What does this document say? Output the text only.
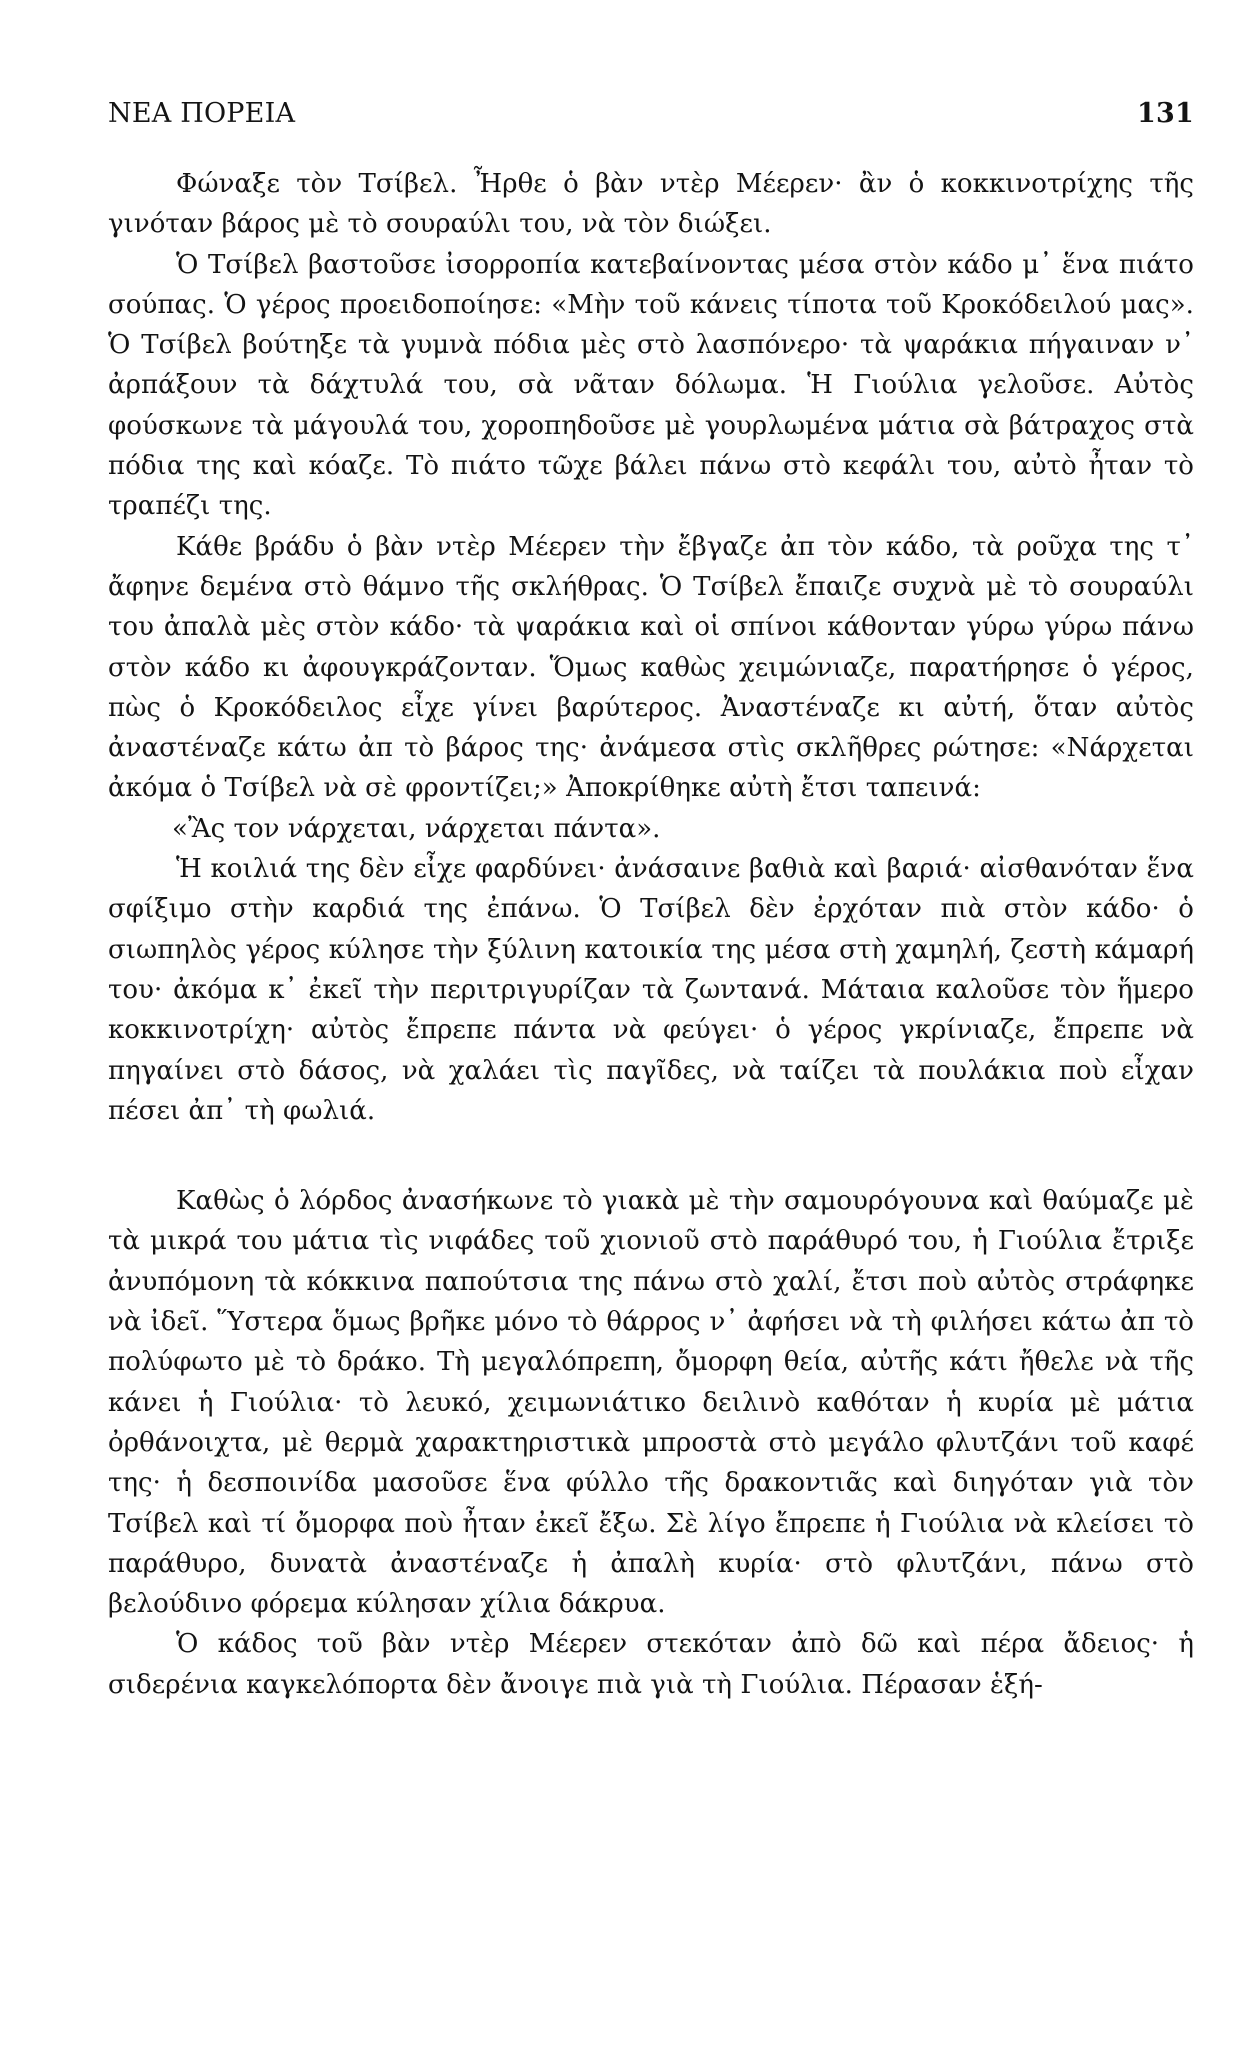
ΝΕΑ ΠΟΡΕΙΑ	131

Φώναξε τὸν Τσίβελ. Ἦρθε ὁ βὰν ντὲρ Μέερεν· ἂν ὁ κοκκινοτρίχης τῆς γινόταν βάρος μὲ τὸ σουραύλι του, νὰ τὸν διώξει.

Ὁ Τσίβελ βαστοῦσε ἰσορροπία κατεβαίνοντας μέσα στὸν κάδο μ᾿ ἕνα πιάτο σούπας. Ὁ γέρος προειδοποίησε: «Μὴν τοῦ κάνεις τίποτα τοῦ Κροκόδειλού μας». Ὁ Τσίβελ βούτηξε τὰ γυμνὰ πόδια μὲς στὸ λασπόνερο· τὰ ψαράκια πήγαιναν ν᾿ ἀρπάξουν τὰ δάχτυλά του, σὰ νᾶταν δόλωμα. Ἡ Γιούλια γελοῦσε. Αὐτὸς φούσκωνε τὰ μάγουλά του, χοροπηδοῦσε μὲ γουρλωμένα μάτια σὰ βάτραχος στὰ πόδια της καὶ κόαζε. Τὸ πιάτο τῶχε βάλει πάνω στὸ κεφάλι του, αὐτὸ ἦταν τὸ τραπέζι της.

Κάθε βράδυ ὁ βὰν ντὲρ Μέερεν τὴν ἔβγαζε ἀπ τὸν κάδο, τὰ ροῦχα της τ᾿ ἄφηνε δεμένα στὸ θάμνο τῆς σκλήθρας. Ὁ Τσίβελ ἔπαιζε συχνὰ μὲ τὸ σουραύλι του ἀπαλὰ μὲς στὸν κάδο· τὰ ψαράκια καὶ οἱ σπίνοι κάθονταν γύρω γύρω πάνω στὸν κάδο κι ἀφουγκράζονταν. Ὅμως καθὼς χειμώνιαζε, παρατήρησε ὁ γέρος, πὼς ὁ Κροκόδειλος εἶχε γίνει βαρύτερος. Ἀναστέναζε κι αὐτή, ὅταν αὐτὸς ἀναστέναζε κάτω ἀπ τὸ βάρος της· ἀνάμεσα στὶς σκλῆθρες ρώτησε: «Νάρχεται ἀκόμα ὁ Τσίβελ νὰ σὲ φροντίζει;» Ἀποκρίθηκε αὐτὴ ἔτσι ταπεινά:

«Ἂς τον νάρχεται, νάρχεται πάντα».

Ἡ κοιλιά της δὲν εἶχε φαρδύνει· ἀνάσαινε βαθιὰ καὶ βαριά· αἰσθανόταν ἕνα σφίξιμο στὴν καρδιά της ἐπάνω. Ὁ Τσίβελ δὲν ἐρχόταν πιὰ στὸν κάδο· ὁ σιωπηλὸς γέρος κύλησε τὴν ξύλινη κατοικία της μέσα στὴ χαμηλή, ζεστὴ κάμαρή του· ἀκόμα κ᾿ ἐκεῖ τὴν περιτριγυρίζαν τὰ ζωντανά. Μάταια καλοῦσε τὸν ἥμερο κοκκινοτρίχη· αὐτὸς ἔπρεπε πάντα νὰ φεύγει· ὁ γέρος γκρίνιαζε, ἔπρεπε νὰ πηγαίνει στὸ δάσος, νὰ χαλάει τὶς παγῖδες, νὰ ταίζει τὰ πουλάκια ποὺ εἶχαν πέσει ἀπ᾿ τὴ φωλιά.

Καθὼς ὁ λόρδος ἀνασήκωνε τὸ γιακὰ μὲ τὴν σαμουρόγουνα καὶ θαύμαζε μὲ τὰ μικρά του μάτια τὶς νιφάδες τοῦ χιονιοῦ στὸ παράθυρό του, ἡ Γιούλια ἔτριξε ἀνυπόμονη τὰ κόκκινα παπούτσια της πάνω στὸ χαλί, ἔτσι ποὺ αὐτὸς στράφηκε νὰ ἰδεῖ. Ὕστερα ὅμως βρῆκε μόνο τὸ θάρρος ν᾿ ἀφήσει νὰ τὴ φιλήσει κάτω ἀπ τὸ πολύφωτο μὲ τὸ δράκο. Τὴ μεγαλόπρεπη, ὄμορφη θεία, αὐτῆς κάτι ἤθελε νὰ τῆς κάνει ἡ Γιούλια· τὸ λευκό, χειμωνιάτικο δειλινὸ καθόταν ἡ κυρία μὲ μάτια ὀρθάνοιχτα, μὲ θερμὰ χαρακτηριστικὰ μπροστὰ στὸ μεγάλο φλυτζάνι τοῦ καφέ της· ἡ δεσποινίδα μασοῦσε ἕνα φύλλο τῆς δρακοντιᾶς καὶ διηγόταν γιὰ τὸν Τσίβελ καὶ τί ὄμορφα ποὺ ἦταν ἐκεῖ ἔξω. Σὲ λίγο ἔπρεπε ἡ Γιούλια νὰ κλείσει τὸ παράθυρο, δυνατὰ ἀναστέναζε ἡ ἀπαλὴ κυρία· στὸ φλυτζάνι, πάνω στὸ βελούδινο φόρεμα κύλησαν χίλια δάκρυα.

Ὁ κάδος τοῦ βὰν ντὲρ Μέερεν στεκόταν ἀπὸ δῶ καὶ πέρα ἄδειος· ἡ σιδερένια καγκελόπορτα δὲν ἄνοιγε πιὰ γιὰ τὴ Γιούλια. Πέρασαν ἑξή-
